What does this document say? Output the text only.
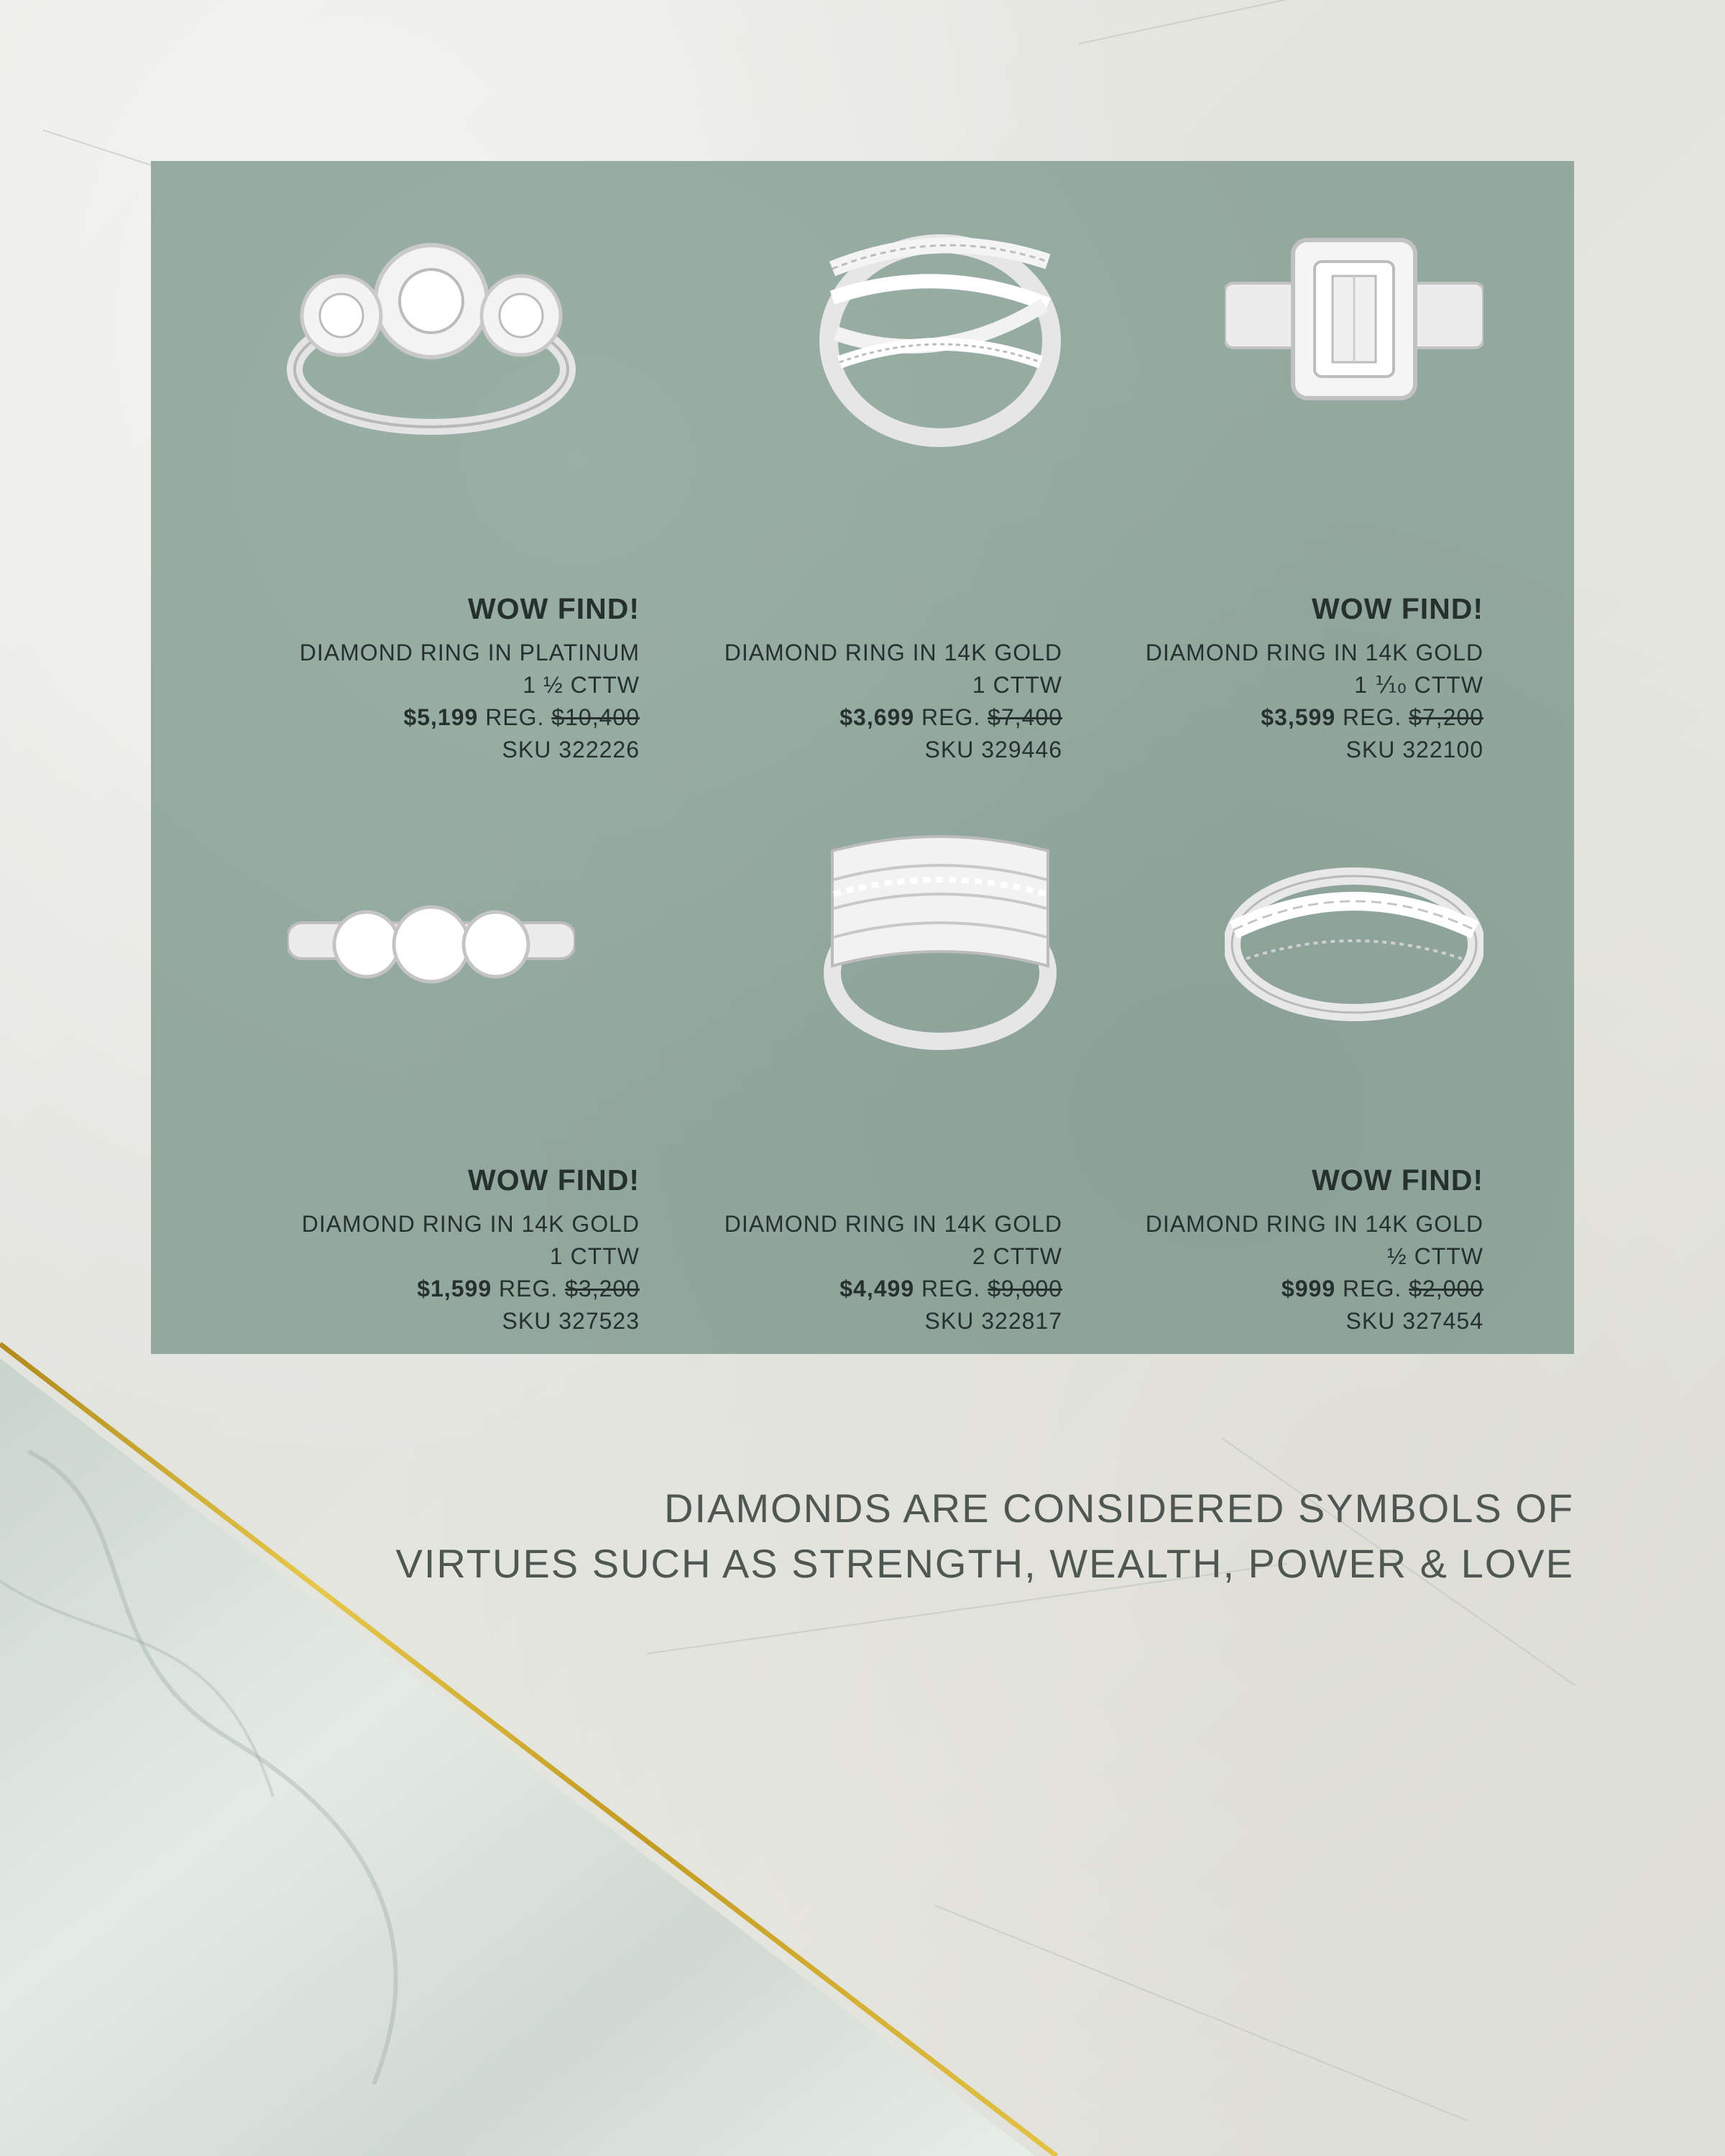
WOW FIND!
DIAMOND RING IN PLATINUM
1 ½ CTTW
$5,199 REG. $10,400
SKU 322226
DIAMOND RING IN 14K GOLD
1 CTTW
$3,699 REG. $7,400
SKU 329446
WOW FIND!
DIAMOND RING IN 14K GOLD
1 ⅒ CTTW
$3,599 REG. $7,200
SKU 322100
WOW FIND!
DIAMOND RING IN 14K GOLD
1 CTTW
$1,599 REG. $3,200
SKU 327523
DIAMOND RING IN 14K GOLD
2 CTTW
$4,499 REG. $9,000
SKU 322817
WOW FIND!
DIAMOND RING IN 14K GOLD
½ CTTW
$999 REG. $2,000
SKU 327454
DIAMONDS ARE CONSIDERED SYMBOLS OF
VIRTUES SUCH AS STRENGTH, WEALTH, POWER & LOVE
